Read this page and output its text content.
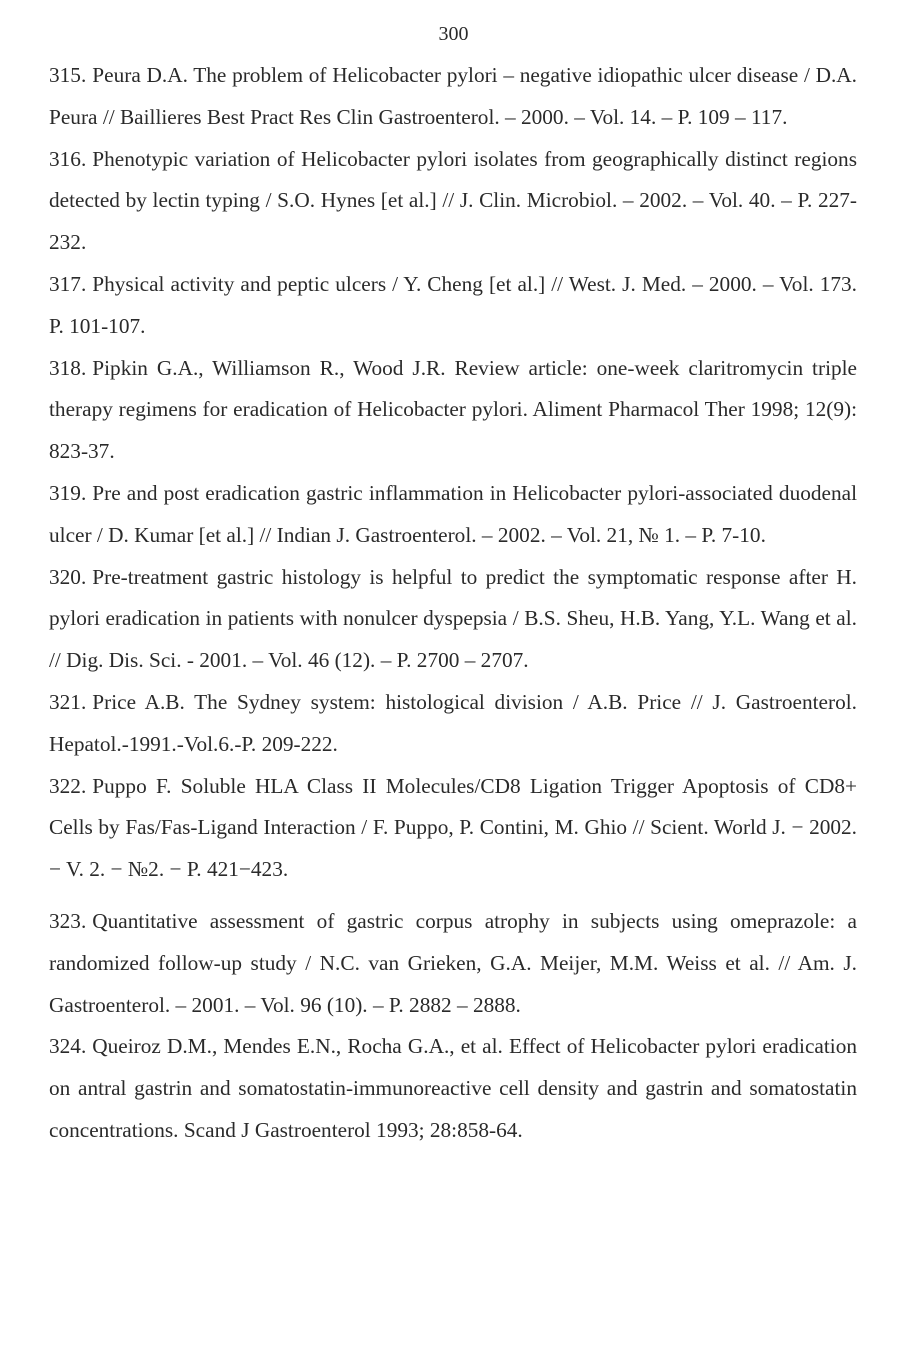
300

315. Peura D.A. The problem of Helicobacter pylori – negative idiopathic ulcer disease / D.A. Peura // Baillieres Best Pract Res Clin Gastroenterol. – 2000. – Vol. 14. – P. 109 – 117.

316. Phenotypic variation of Helicobacter pylori isolates from geographically distinct regions detected by lectin typing / S.O. Hynes [et al.] // J. Clin. Microbiol. – 2002. – Vol. 40. – P. 227-232.

317. Physical activity and peptic ulcers / Y. Cheng [et al.] // West. J. Med. – 2000. – Vol. 173. P. 101-107.

318. Pipkin G.A., Williamson R., Wood J.R. Review article: one-week claritromycin triple therapy regimens for eradication of Helicobacter pylori. Aliment Pharmacol Ther 1998; 12(9): 823-37.

319. Pre and post eradication gastric inflammation in Helicobacter pylori-associated duodenal ulcer / D. Kumar [et al.] // Indian J. Gastroenterol. – 2002. – Vol. 21, № 1. – P. 7-10.

320. Pre-treatment gastric histology is helpful to predict the symptomatic response after H. pylori eradication in patients with nonulcer dyspepsia / B.S. Sheu, H.B. Yang, Y.L. Wang et al. // Dig. Dis. Sci. - 2001. – Vol. 46 (12). – P. 2700 – 2707.

321. Price A.B. The Sydney system: histological division / A.B. Price // J. Gastroenterol. Hepatol.-1991.-Vol.6.-P. 209-222.

322. Puppo F. Soluble HLA Class II Molecules/CD8 Ligation Trigger Apoptosis of CD8+ Cells by Fas/Fas-Ligand Interaction / F. Puppo, P. Contini, M. Ghio // Scient. World J. − 2002. − V. 2. − №2. − P. 421−423.

323. Quantitative assessment of gastric corpus atrophy in subjects using omeprazole: a randomized follow-up study / N.C. van Grieken, G.A. Meijer, M.M. Weiss et al. // Am. J. Gastroenterol. – 2001. – Vol. 96 (10). – P. 2882 – 2888.

324. Queiroz D.M., Mendes E.N., Rocha G.A., et al. Effect of Helicobacter pylori eradication on antral gastrin and somatostatin-immunoreactive cell density and gastrin and somatostatin concentrations. Scand J Gastroenterol 1993; 28:858-64.
